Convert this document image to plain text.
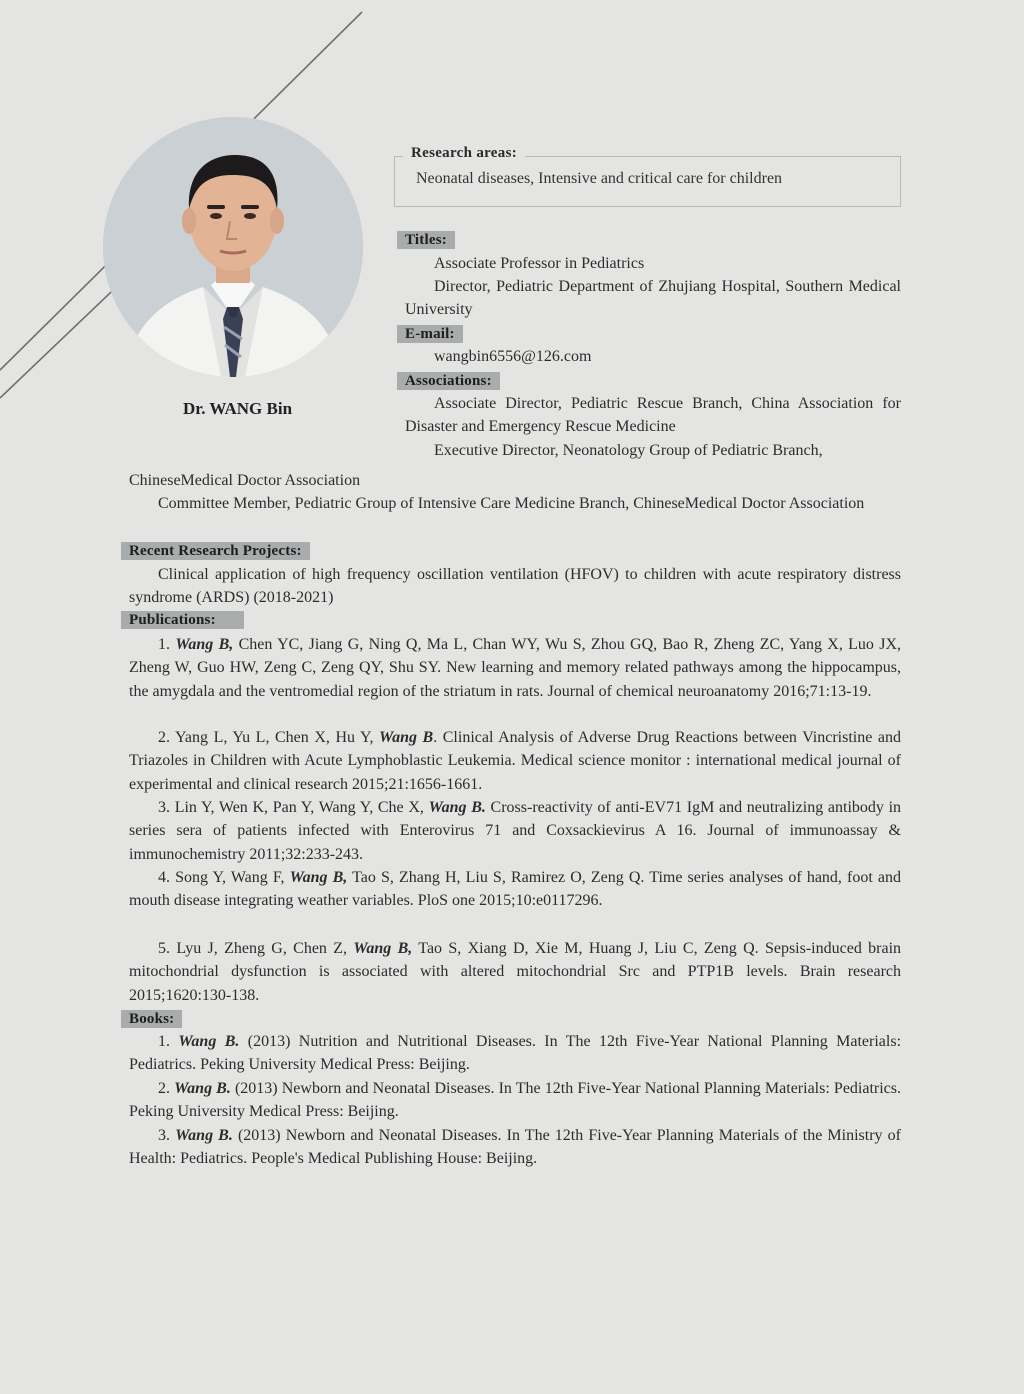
Dr. WANG Bin
Research areas:
Neonatal diseases, Intensive and critical care for children
Titles:

Associate Professor in Pediatrics

Director, Pediatric Department of Zhujiang Hospital, Southern Medical University

E-mail:

wangbin6556@126.com

Associations:

Associate Director, Pediatric Rescue Branch, China Association for Disaster and Emergency Rescue Medicine

Executive Director, Neonatology Group of Pediatric Branch,

ChineseMedical Doctor Association

Committee Member, Pediatric Group of Intensive Care Medicine Branch, ChineseMedical Doctor Association

Recent Research Projects:

Clinical application of high frequency oscillation ventilation (HFOV) to children with acute respiratory distress syndrome (ARDS) (2018-2021)

Publications:

1. Wang B, Chen YC, Jiang G, Ning Q, Ma L, Chan WY, Wu S, Zhou GQ, Bao R, Zheng ZC, Yang X, Luo JX, Zheng W, Guo HW, Zeng C, Zeng QY, Shu SY. New learning and memory related pathways among the hippocampus, the amygdala and the ventromedial region of the striatum in rats. Journal of chemical neuroanatomy 2016;71:13-19.

2. Yang L, Yu L, Chen X, Hu Y, Wang B. Clinical Analysis of Adverse Drug Reactions between Vincristine and Triazoles in Children with Acute Lymphoblastic Leukemia. Medical science monitor : international medical journal of experimental and clinical research 2015;21:1656-1661.

3. Lin Y, Wen K, Pan Y, Wang Y, Che X, Wang B. Cross-reactivity of anti-EV71 IgM and neutralizing antibody in series sera of patients infected with Enterovirus 71 and Coxsackievirus A 16. Journal of immunoassay & immunochemistry 2011;32:233-243.

4. Song Y, Wang F, Wang B, Tao S, Zhang H, Liu S, Ramirez O, Zeng Q. Time series analyses of hand, foot and mouth disease integrating weather variables. PloS one 2015;10:e0117296.

5. Lyu J, Zheng G, Chen Z, Wang B, Tao S, Xiang D, Xie M, Huang J, Liu C, Zeng Q. Sepsis-induced brain mitochondrial dysfunction is associated with altered mitochondrial Src and PTP1B levels. Brain research 2015;1620:130-138.

Books:

1. Wang B. (2013) Nutrition and Nutritional Diseases. In The 12th Five-Year National Planning Materials: Pediatrics. Peking University Medical Press: Beijing.

2. Wang B. (2013) Newborn and Neonatal Diseases. In The 12th Five-Year National Planning Materials: Pediatrics. Peking University Medical Press: Beijing.

3. Wang B. (2013) Newborn and Neonatal Diseases. In The 12th Five-Year Planning Materials of the Ministry of Health: Pediatrics. People's Medical Publishing House: Beijing.
